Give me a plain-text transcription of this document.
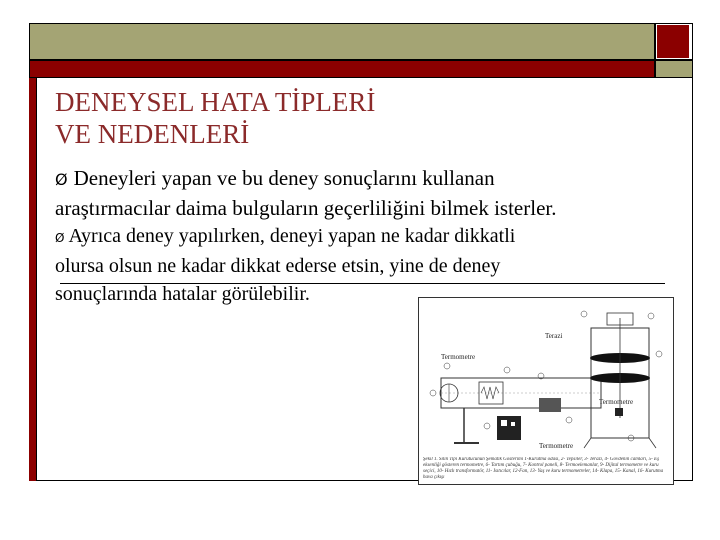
DENEYSEL HATA TİPLERİ
VE NEDENLERİ
Ø Deneyleri yapan ve bu deney sonuçlarını kullanan
araştırmacılar daima bulguların geçerliliğini bilmek isterler.
Ø Ayrıca deney yapılırken, deneyi yapan ne kadar dikkatli
olursa olsun ne kadar dikkat ederse etsin, yine de deney
sonuçlarında hatalar görülebilir.
Terazi
Termometre
Termometre
Termometre
Şekil 1. Silin Tipi Kurutucunun Şematik Gösterimi 1-Kurutma odası, 2- Tepsiler, 3- Terazi, 4- Gövdenin camları, 5- Eş eksenliği gösteren termometre, 6- Tartım çubuğu, 7- Kontrol paneli, 8- Termoelemanlar, 9- Dijital termometre ve kuru seçici, 10- Hızlı transformatör, 11- Isıtıcılar, 12-Fan, 13- Yaş ve kuru termometreler, 14- Klapa, 15- Kanal, 16- Kurutma hava çıkışı
